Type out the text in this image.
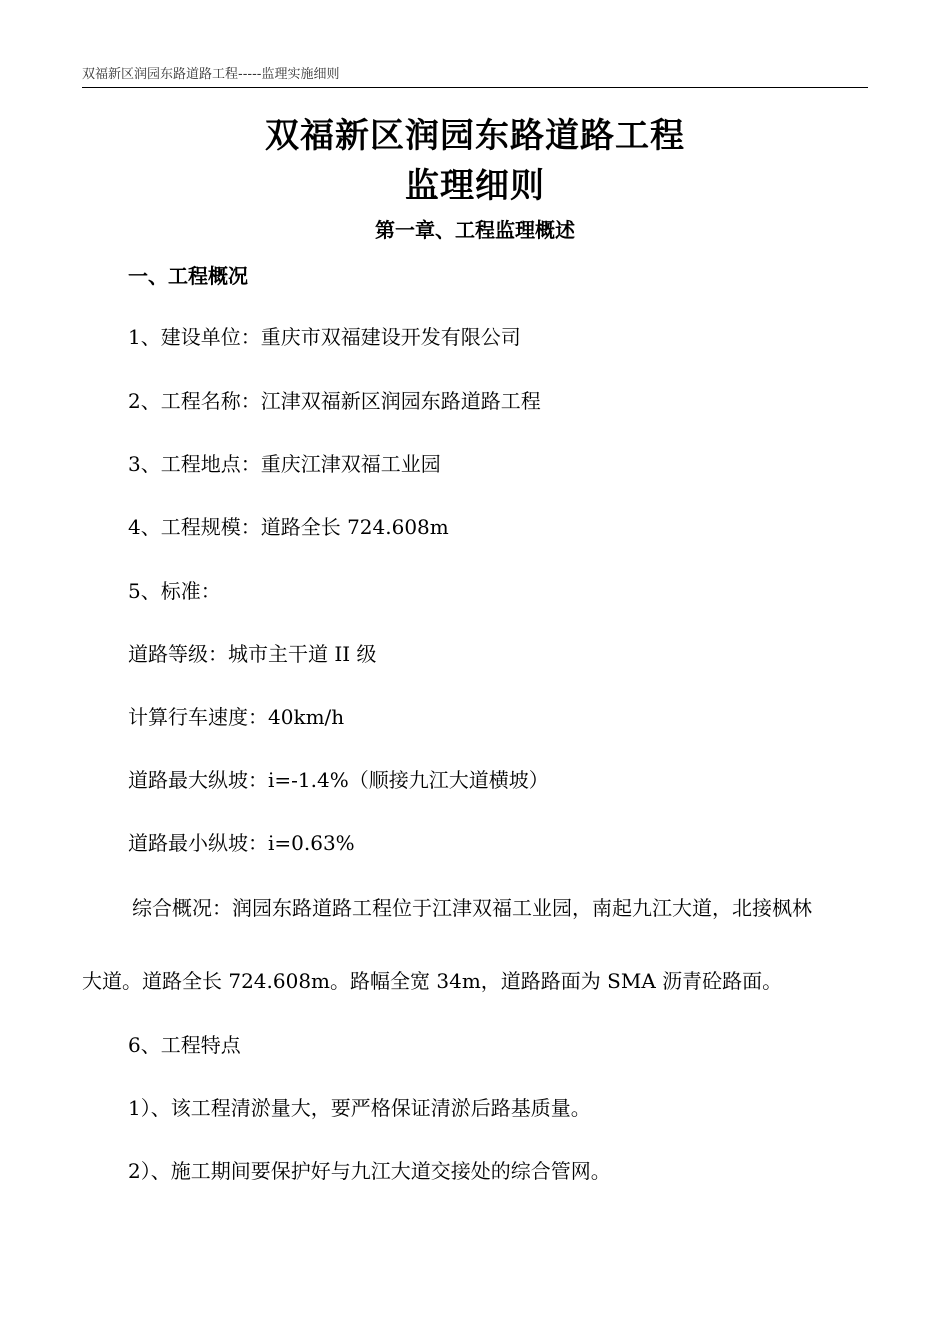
双福新区润园东路道路工程-----监理实施细则
双福新区润园东路道路工程
监理细则
第一章、工程监理概述
一、工程概况
1、建设单位：重庆市双福建设开发有限公司
2、工程名称：江津双福新区润园东路道路工程
3、工程地点：重庆江津双福工业园
4、工程规模：道路全长 724.608m
5、标准：
道路等级：城市主干道 II 级
计算行车速度：40km/h
道路最大纵坡：i=-1.4%（顺接九江大道横坡）
道路最小纵坡：i=0.63%
综合概况：润园东路道路工程位于江津双福工业园，南起九江大道，北接枫林
大道。道路全长 724.608m。路幅全宽 34m，道路路面为 SMA 沥青砼路面。
6、工程特点
1）、该工程清淤量大，要严格保证清淤后路基质量。
2）、施工期间要保护好与九江大道交接处的综合管网。
